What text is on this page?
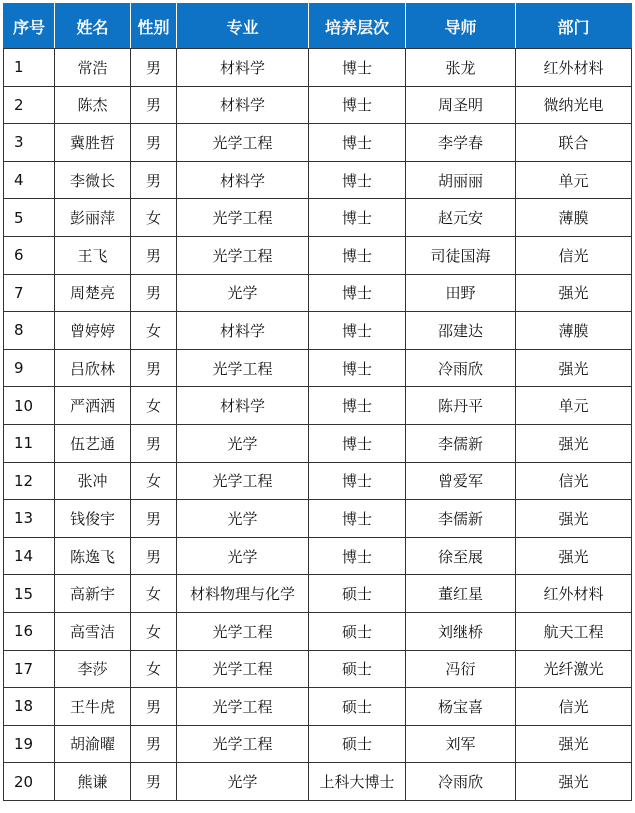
序号	姓名	性别	专业	培养层次	导师	部门
1	常浩	男	材料学	博士	张龙	红外材料
2	陈杰	男	材料学	博士	周圣明	微纳光电
3	冀胜哲	男	光学工程	博士	李学春	联合
4	李微长	男	材料学	博士	胡丽丽	单元
5	彭丽萍	女	光学工程	博士	赵元安	薄膜
6	王飞	男	光学工程	博士	司徒国海	信光
7	周楚亮	男	光学	博士	田野	强光
8	曾婷婷	女	材料学	博士	邵建达	薄膜
9	吕欣林	男	光学工程	博士	冷雨欣	强光
10	严洒洒	女	材料学	博士	陈丹平	单元
11	伍艺通	男	光学	博士	李儒新	强光
12	张冲	女	光学工程	博士	曾爱军	信光
13	钱俊宇	男	光学	博士	李儒新	强光
14	陈逸飞	男	光学	博士	徐至展	强光
15	高新宇	女	材料物理与化学	硕士	董红星	红外材料
16	高雪洁	女	光学工程	硕士	刘继桥	航天工程
17	李莎	女	光学工程	硕士	冯衍	光纤激光
18	王牛虎	男	光学工程	硕士	杨宝喜	信光
19	胡渝曜	男	光学工程	硕士	刘军	强光
20	熊谦	男	光学	上科大博士	冷雨欣	强光
